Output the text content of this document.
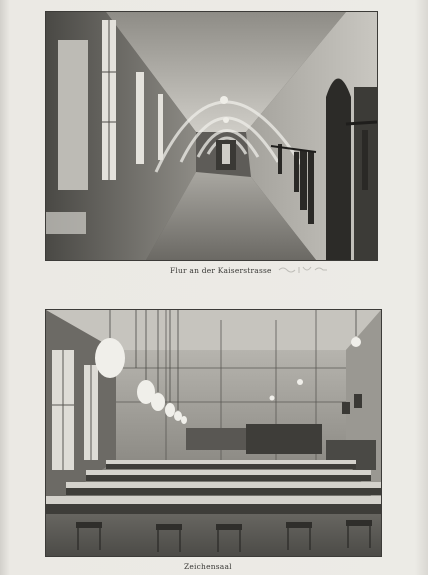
Flur an der Kaiserstrasse
Zeichensaal
